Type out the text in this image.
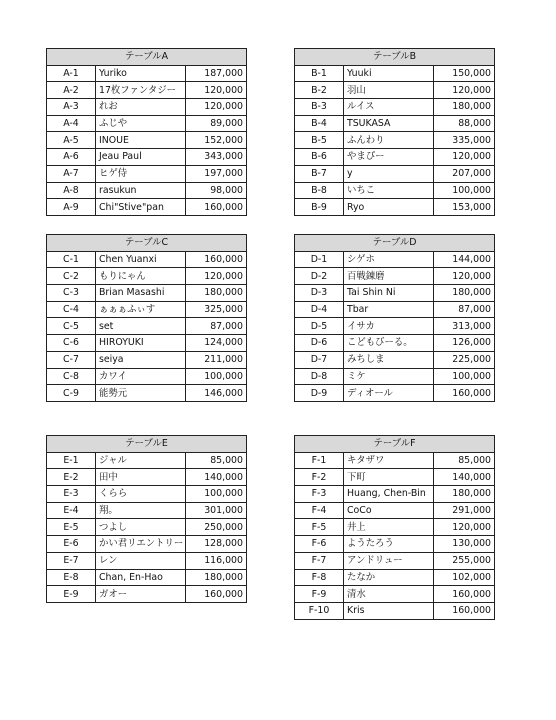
テーブルA		
A-1	Yuriko	187,000
A-2	17枚ファンタジー	120,000
A-3	れお	120,000
A-4	ふじや	89,000
A-5	INOUE	152,000
A-6	Jeau Paul	343,000
A-7	ヒゲ侍	197,000
A-8	rasukun	98,000
A-9	Chi"Stive"pan	160,000
テーブルB		
B-1	Yuuki	150,000
B-2	羽山	120,000
B-3	ルイス	180,000
B-4	TSUKASA	88,000
B-5	ふんわり	335,000
B-6	やまぴー	120,000
B-7	y	207,000
B-8	いちこ	100,000
B-9	Ryo	153,000
テーブルC		
C-1	Chen Yuanxi	160,000
C-2	もりにゃん	120,000
C-3	Brian Masashi	180,000
C-4	ぁぁぁふぃす	325,000
C-5	set	87,000
C-6	HIROYUKI	124,000
C-7	seiya	211,000
C-8	カワイ	100,000
C-9	能勢元	146,000
テーブルD		
D-1	シゲホ	144,000
D-2	百戦錬磨	120,000
D-3	Tai Shin Ni	180,000
D-4	Tbar	87,000
D-5	イサカ	313,000
D-6	こどもびーる。	126,000
D-7	みちしま	225,000
D-8	ミケ	100,000
D-9	ディオール	160,000
テーブルE		
E-1	ジャル	85,000
E-2	田中	140,000
E-3	くらら	100,000
E-4	翔。	301,000
E-5	つよし	250,000
E-6	かい君リエントリー	128,000
E-7	レン	116,000
E-8	Chan, En-Hao	180,000
E-9	ガオー	160,000
テーブルF		
F-1	キタザワ	85,000
F-2	下町	140,000
F-3	Huang, Chen-Bin	180,000
F-4	CoCo	291,000
F-5	井上	120,000
F-6	ようたろう	130,000
F-7	アンドリュー	255,000
F-8	たなか	102,000
F-9	清水	160,000
F-10	Kris	160,000
